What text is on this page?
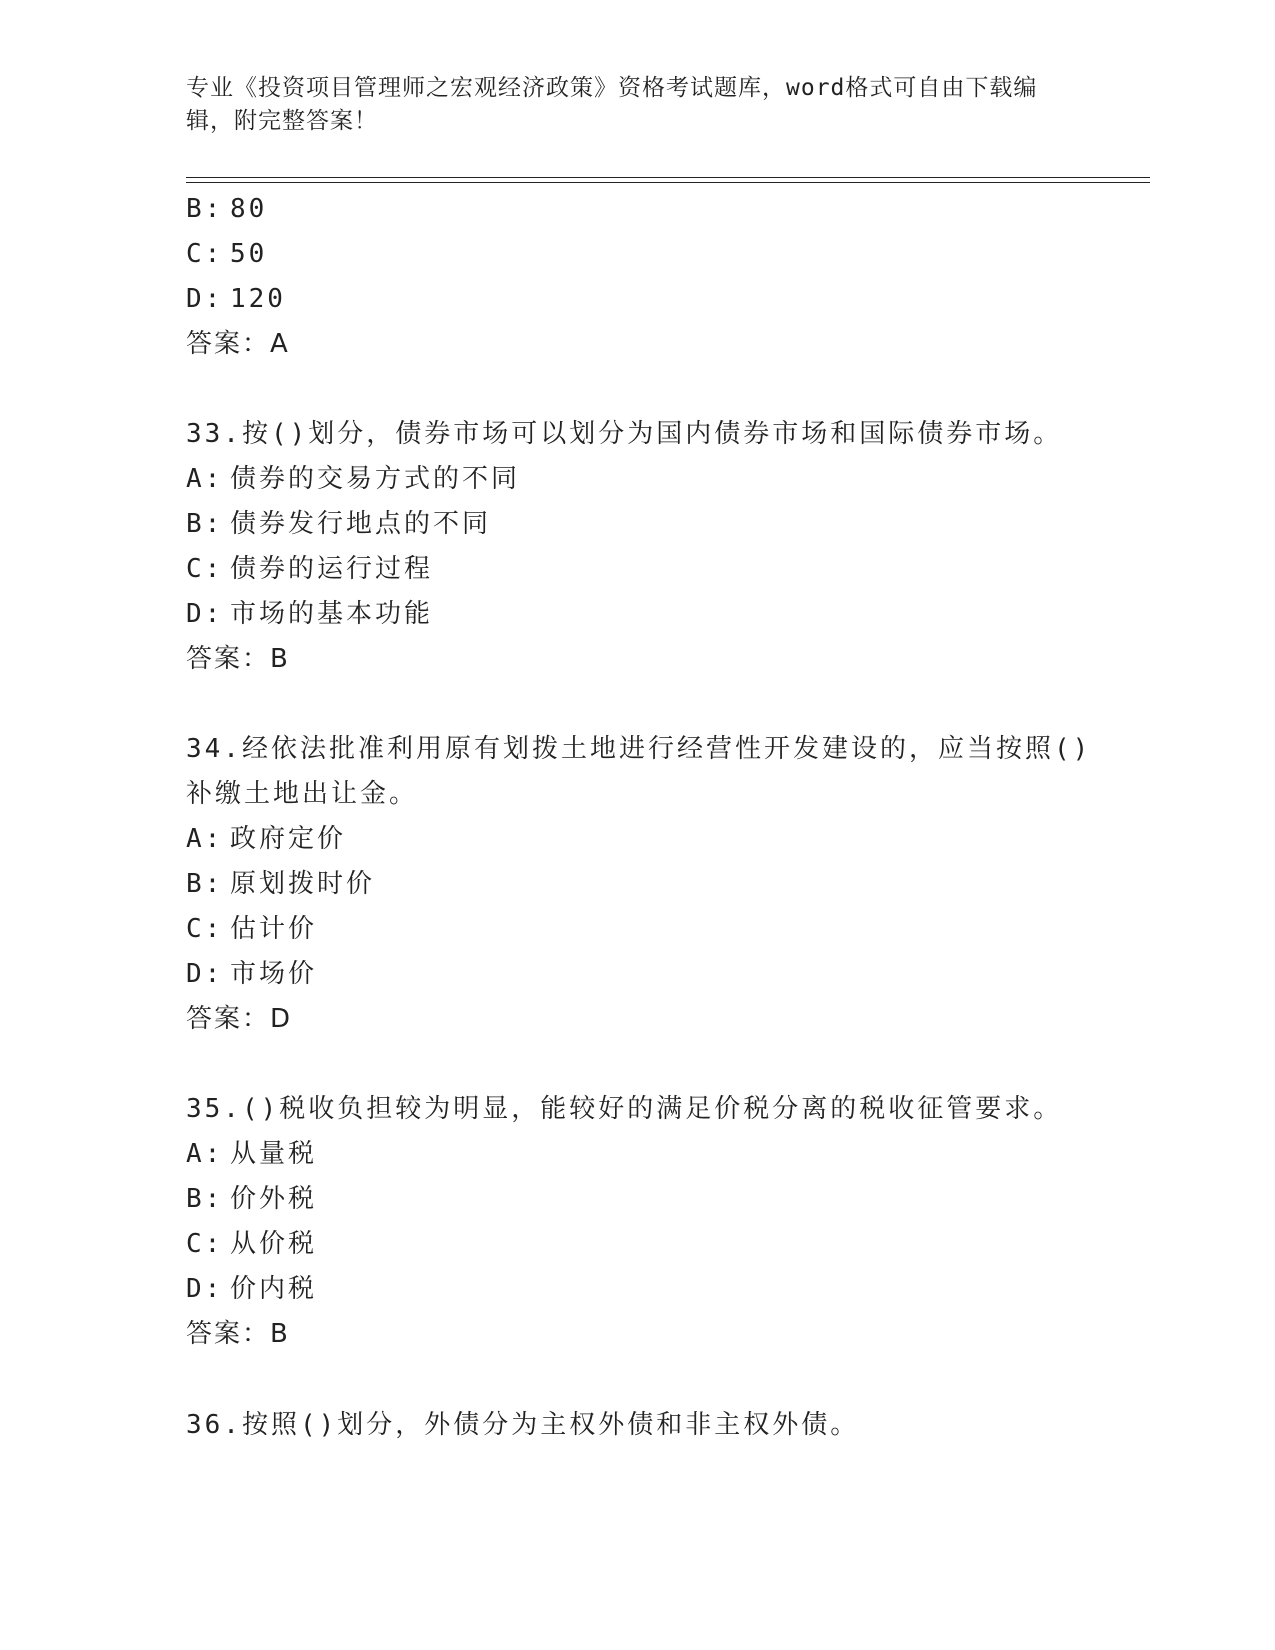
专业《投资项目管理师之宏观经济政策》资格考试题库，word格式可自由下载编
辑，附完整答案！
B: 80
C: 50
D: 120
答案：A
33.按()划分，债券市场可以划分为国内债券市场和国际债券市场。
A: 债券的交易方式的不同
B: 债券发行地点的不同
C: 债券的运行过程
D: 市场的基本功能
答案：B
34.经依法批准利用原有划拨土地进行经营性开发建设的，应当按照()
补缴土地出让金。
A: 政府定价
B: 原划拨时价
C: 估计价
D: 市场价
答案：D
35.()税收负担较为明显，能较好的满足价税分离的税收征管要求。
A: 从量税
B: 价外税
C: 从价税
D: 价内税
答案：B
36.按照()划分，外债分为主权外债和非主权外债。
